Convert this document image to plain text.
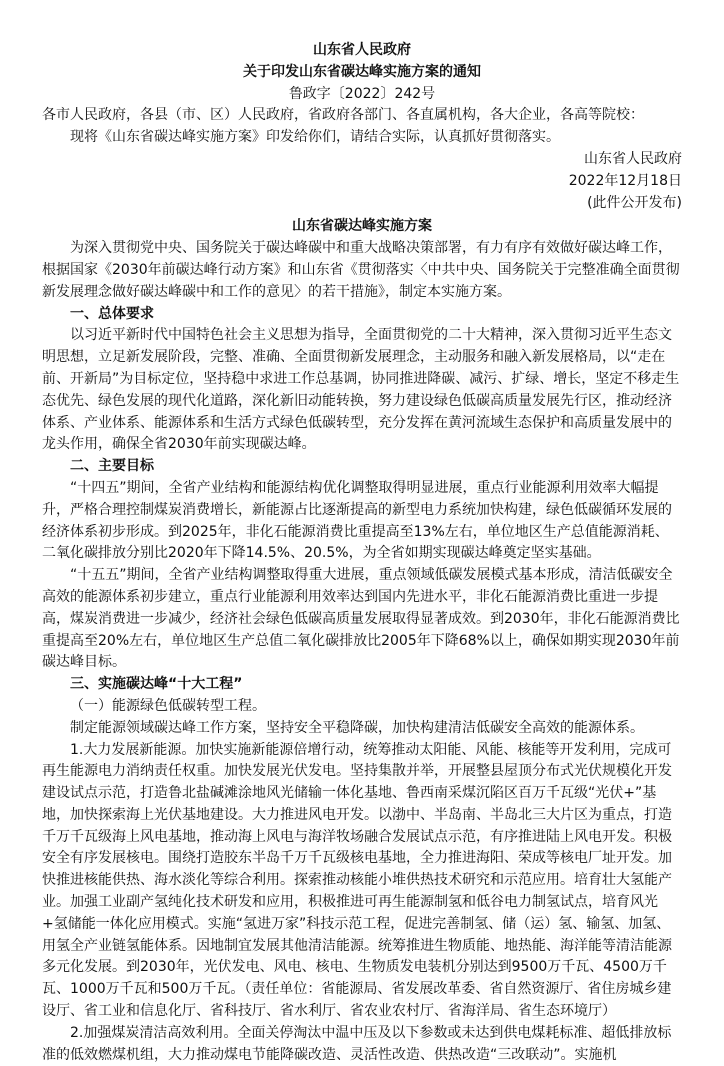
山东省人民政府
关于印发山东省碳达峰实施方案的通知
鲁政字〔2022〕242号

各市人民政府，各县（市、区）人民政府，省政府各部门、各直属机构，各大企业，各高等院校：

现将《山东省碳达峰实施方案》印发给你们，请结合实际，认真抓好贯彻落实。

山东省人民政府
2022年12月18日
(此件公开发布)
山东省碳达峰实施方案

为深入贯彻党中央、国务院关于碳达峰碳中和重大战略决策部署，有力有序有效做好碳达峰工作，根据国家《2030年前碳达峰行动方案》和山东省《贯彻落实〈中共中央、国务院关于完整准确全面贯彻新发展理念做好碳达峰碳中和工作的意见〉的若干措施》，制定本实施方案。

一、总体要求

以习近平新时代中国特色社会主义思想为指导，全面贯彻党的二十大精神，深入贯彻习近平生态文明思想，立足新发展阶段，完整、准确、全面贯彻新发展理念，主动服务和融入新发展格局，以“走在前、开新局”为目标定位，坚持稳中求进工作总基调，协同推进降碳、减污、扩绿、增长，坚定不移走生态优先、绿色发展的现代化道路，深化新旧动能转换，努力建设绿色低碳高质量发展先行区，推动经济体系、产业体系、能源体系和生活方式绿色低碳转型，充分发挥在黄河流域生态保护和高质量发展中的龙头作用，确保全省2030年前实现碳达峰。

二、主要目标

“十四五”期间，全省产业结构和能源结构优化调整取得明显进展，重点行业能源利用效率大幅提升，严格合理控制煤炭消费增长，新能源占比逐渐提高的新型电力系统加快构建，绿色低碳循环发展的经济体系初步形成。到2025年，非化石能源消费比重提高至13%左右，单位地区生产总值能源消耗、二氧化碳排放分别比2020年下降14.5%、20.5%，为全省如期实现碳达峰奠定坚实基础。

“十五五”期间，全省产业结构调整取得重大进展，重点领域低碳发展模式基本形成，清洁低碳安全高效的能源体系初步建立，重点行业能源利用效率达到国内先进水平，非化石能源消费比重进一步提高，煤炭消费进一步减少，经济社会绿色低碳高质量发展取得显著成效。到2030年，非化石能源消费比重提高至20%左右，单位地区生产总值二氧化碳排放比2005年下降68%以上，确保如期实现2030年前碳达峰目标。

三、实施碳达峰“十大工程”
（一）能源绿色低碳转型工程。

制定能源领域碳达峰工作方案，坚持安全平稳降碳，加快构建清洁低碳安全高效的能源体系。

1.大力发展新能源。加快实施新能源倍增行动，统筹推动太阳能、风能、核能等开发利用，完成可再生能源电力消纳责任权重。加快发展光伏发电。坚持集散并举，开展整县屋顶分布式光伏规模化开发建设试点示范，打造鲁北盐碱滩涂地风光储输一体化基地、鲁西南采煤沉陷区百万千瓦级“光伏+”基地，加快探索海上光伏基地建设。大力推进风电开发。以渤中、半岛南、半岛北三大片区为重点，打造千万千瓦级海上风电基地，推动海上风电与海洋牧场融合发展试点示范，有序推进陆上风电开发。积极安全有序发展核电。围绕打造胶东半岛千万千瓦级核电基地，全力推进海阳、荣成等核电厂址开发。加快推进核能供热、海水淡化等综合利用。探索推动核能小堆供热技术研究和示范应用。培育壮大氢能产业。加强工业副产氢纯化技术研发和应用，积极推进可再生能源制氢和低谷电力制氢试点，培育风光+氢储能一体化应用模式。实施“氢进万家”科技示范工程，促进完善制氢、储（运）氢、输氢、加氢、用氢全产业链氢能体系。因地制宜发展其他清洁能源。统筹推进生物质能、地热能、海洋能等清洁能源多元化发展。到2030年，光伏发电、风电、核电、生物质发电装机分别达到9500万千瓦、4500万千瓦、1000万千瓦和500万千瓦。（责任单位：省能源局、省发展改革委、省自然资源厅、省住房城乡建设厅、省工业和信息化厅、省科技厅、省水利厅、省农业农村厅、省海洋局、省生态环境厅）

2.加强煤炭清洁高效利用。全面关停淘汰中温中压及以下参数或未达到供电煤耗标准、超低排放标准的低效燃煤机组，大力推动煤电节能降碳改造、灵活性改造、供热改造“三改联动”。实施机
